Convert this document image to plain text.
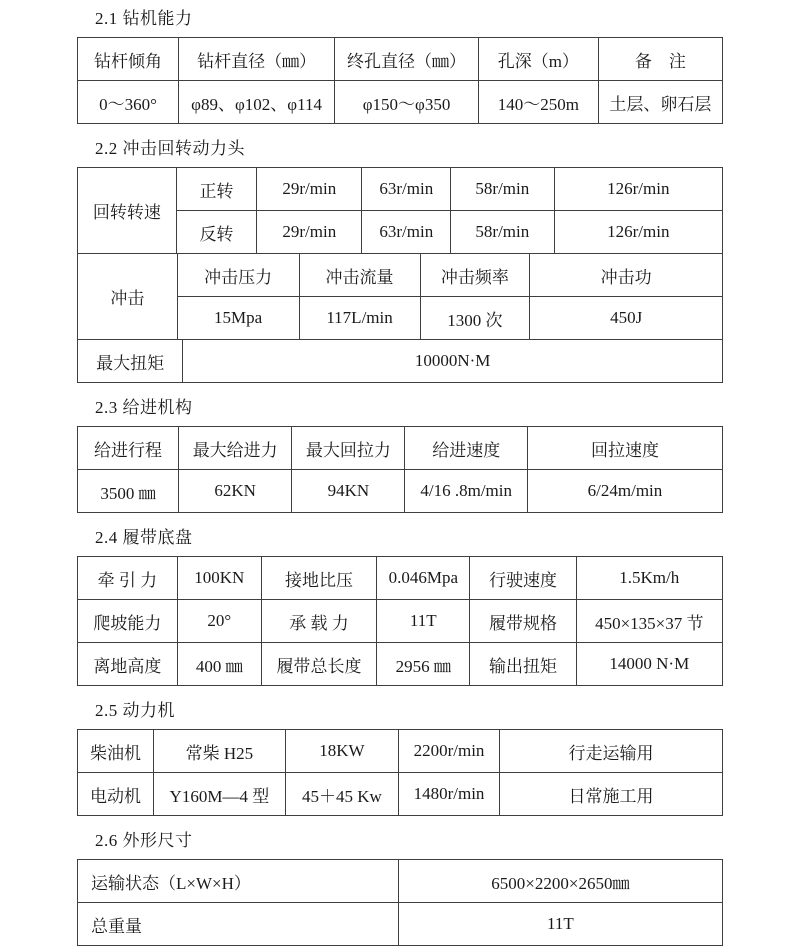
2.1 钻机能力
钻杆倾角	钻杆直径（㎜）	终孔直径（㎜）	孔深（m）	备　注
0～360°	φ89、φ102、φ114	φ150～φ350	140～250m	土层、卵石层
2.2 冲击回转动力头
回转转速
正转	29r/min	63r/min	58r/min	126r/min
反转	29r/min	63r/min	58r/min	126r/min
冲击
冲击压力	冲击流量	冲击频率	冲击功
15Mpa	117L/min	1300 次	450J
最大扭矩	10000N·M
2.3 给进机构
给进行程	最大给进力	最大回拉力	给进速度	回拉速度
3500 ㎜	62KN	94KN	4/16 .8m/min	6/24m/min
2.4 履带底盘
牵 引 力	100KN	接地比压	0.046Mpa	行驶速度	1.5Km/h
爬坡能力	20°	承 载 力	11T	履带规格	450×135×37 节
离地高度	400 ㎜	履带总长度	2956 ㎜	输出扭矩	14000 N·M
2.5 动力机
柴油机	常柴 H25	18KW	2200r/min	行走运输用
电动机	Y160M—4 型	45＋45 Kw	1480r/min	日常施工用
2.6 外形尺寸
运输状态（L×W×H）	6500×2200×2650㎜
总重量	11T
